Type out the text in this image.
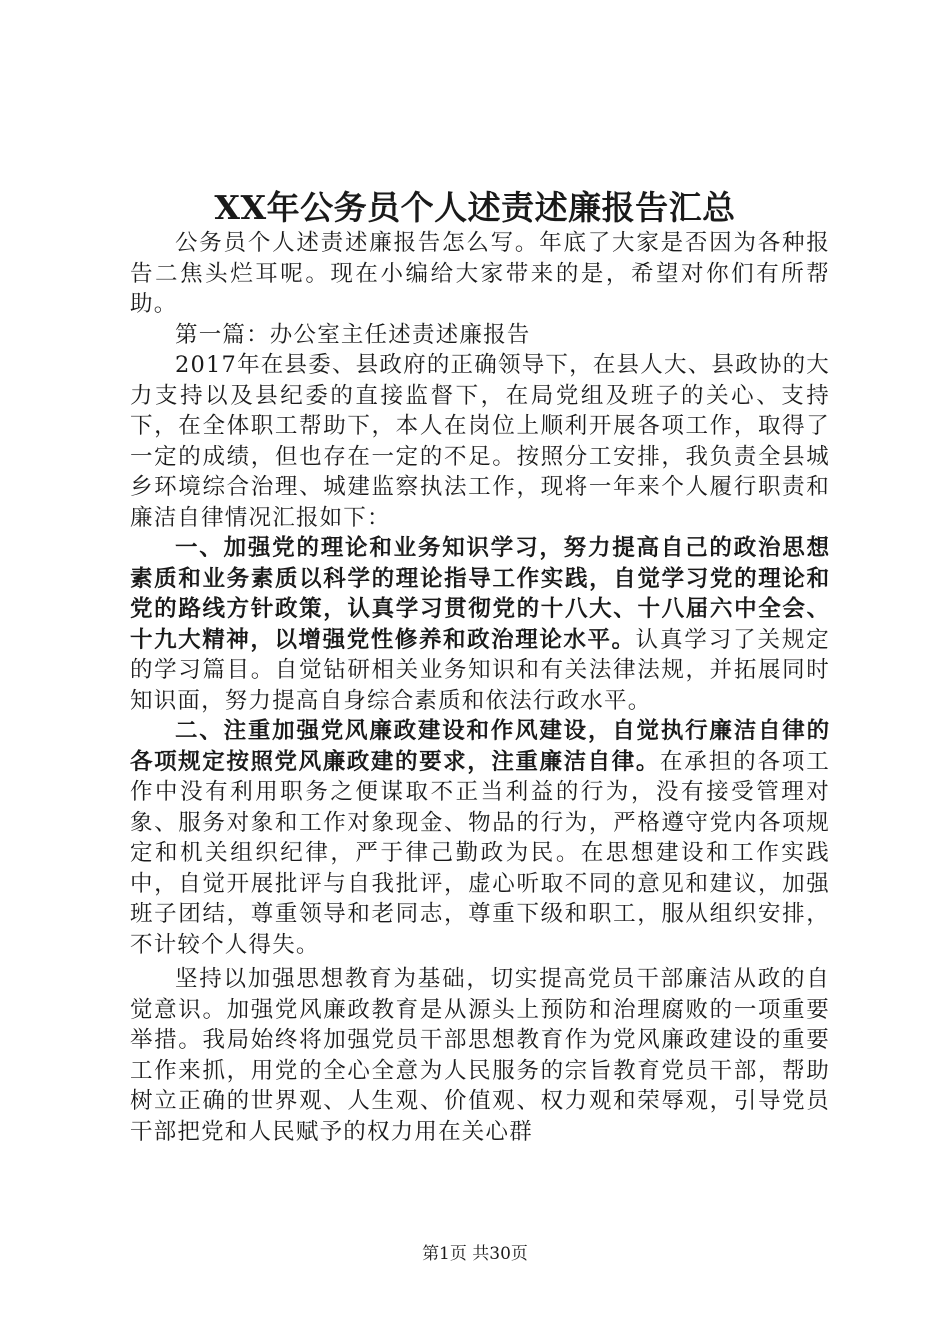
XX年公务员个人述责述廉报告汇总

公务员个人述责述廉报告怎么写。年底了大家是否因为各种报告二焦头烂耳呢。现在小编给大家带来的是，希望对你们有所帮助。

第一篇：办公室主任述责述廉报告

2017年在县委、县政府的正确领导下，在县人大、县政协的大力支持以及县纪委的直接监督下，在局党组及班子的关心、支持下，在全体职工帮助下，本人在岗位上顺利开展各项工作，取得了一定的成绩，但也存在一定的不足。按照分工安排，我负责全县城乡环境综合治理、城建监察执法工作，现将一年来个人履行职责和廉洁自律情况汇报如下：

一、加强党的理论和业务知识学习，努力提高自己的政治思想素质和业务素质以科学的理论指导工作实践，自觉学习党的理论和党的路线方针政策，认真学习贯彻党的十八大、十八届六中全会、十九大精神，以增强党性修养和政治理论水平。认真学习了关规定的学习篇目。自觉钻研相关业务知识和有关法律法规，并拓展同时知识面，努力提高自身综合素质和依法行政水平。

二、注重加强党风廉政建设和作风建设，自觉执行廉洁自律的各项规定按照党风廉政建的要求，注重廉洁自律。在承担的各项工作中没有利用职务之便谋取不正当利益的行为，没有接受管理对象、服务对象和工作对象现金、物品的行为，严格遵守党内各项规定和机关组织纪律，严于律己勤政为民。在思想建设和工作实践中，自觉开展批评与自我批评，虚心听取不同的意见和建议，加强班子团结，尊重领导和老同志，尊重下级和职工，服从组织安排，不计较个人得失。

坚持以加强思想教育为基础，切实提高党员干部廉洁从政的自觉意识。加强党风廉政教育是从源头上预防和治理腐败的一项重要举措。我局始终将加强党员干部思想教育作为党风廉政建设的重要工作来抓，用党的全心全意为人民服务的宗旨教育党员干部，帮助树立正确的世界观、人生观、价值观、权力观和荣辱观，引导党员干部把党和人民赋予的权力用在关心群

第1页 共30页
